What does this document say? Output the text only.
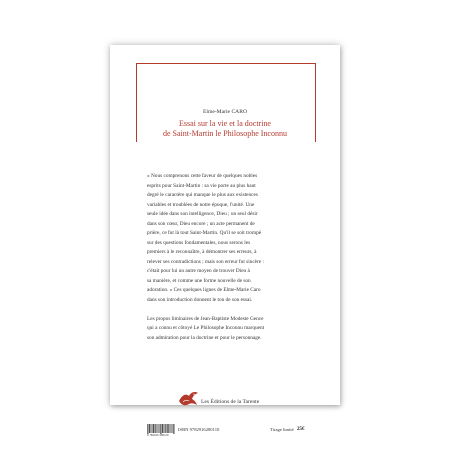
Elme-Marie CARO
Essai sur la vie et la doctrine
de Saint-Martin le Philosophe Inconnu

« Nous comprenons cette faveur de quelques nobles

esprits pour Saint-Martin : sa vie porte au plus haut

degré le caractère qui manque le plus aux existences

variables et troublées de notre époque, l'unité. Une

seule idée dans son intelligence, Dieu ; un seul désir

dans son cœur, Dieu encore ; un acte permanent de

prière, ce fut là tout Saint-Martin. Qu'il se soit trompé

sur des questions fondamentales, nous serons les

premiers à le reconnaître, à démontrer ses erreurs, à

relever ses contradictions ; mais son erreur fut sincère :

c'était pour lui un autre moyen de trouver Dieu à

sa manière, et comme une forme nouvelle de son

adoration. » Ces quelques lignes de Elme-Marie Caro

dans son introduction donnent le ton de son essai.

Les propos liminaires de Jean-Baptiste Modeste Gence

qui a connu et côtoyé Le Philosophe Inconnu marquent

son admiration pour la doctrine et pour le personnage.

Les Éditions de la Tarente
9 782916 280110
ISBN 9782916280110	Tirage limité 25€
